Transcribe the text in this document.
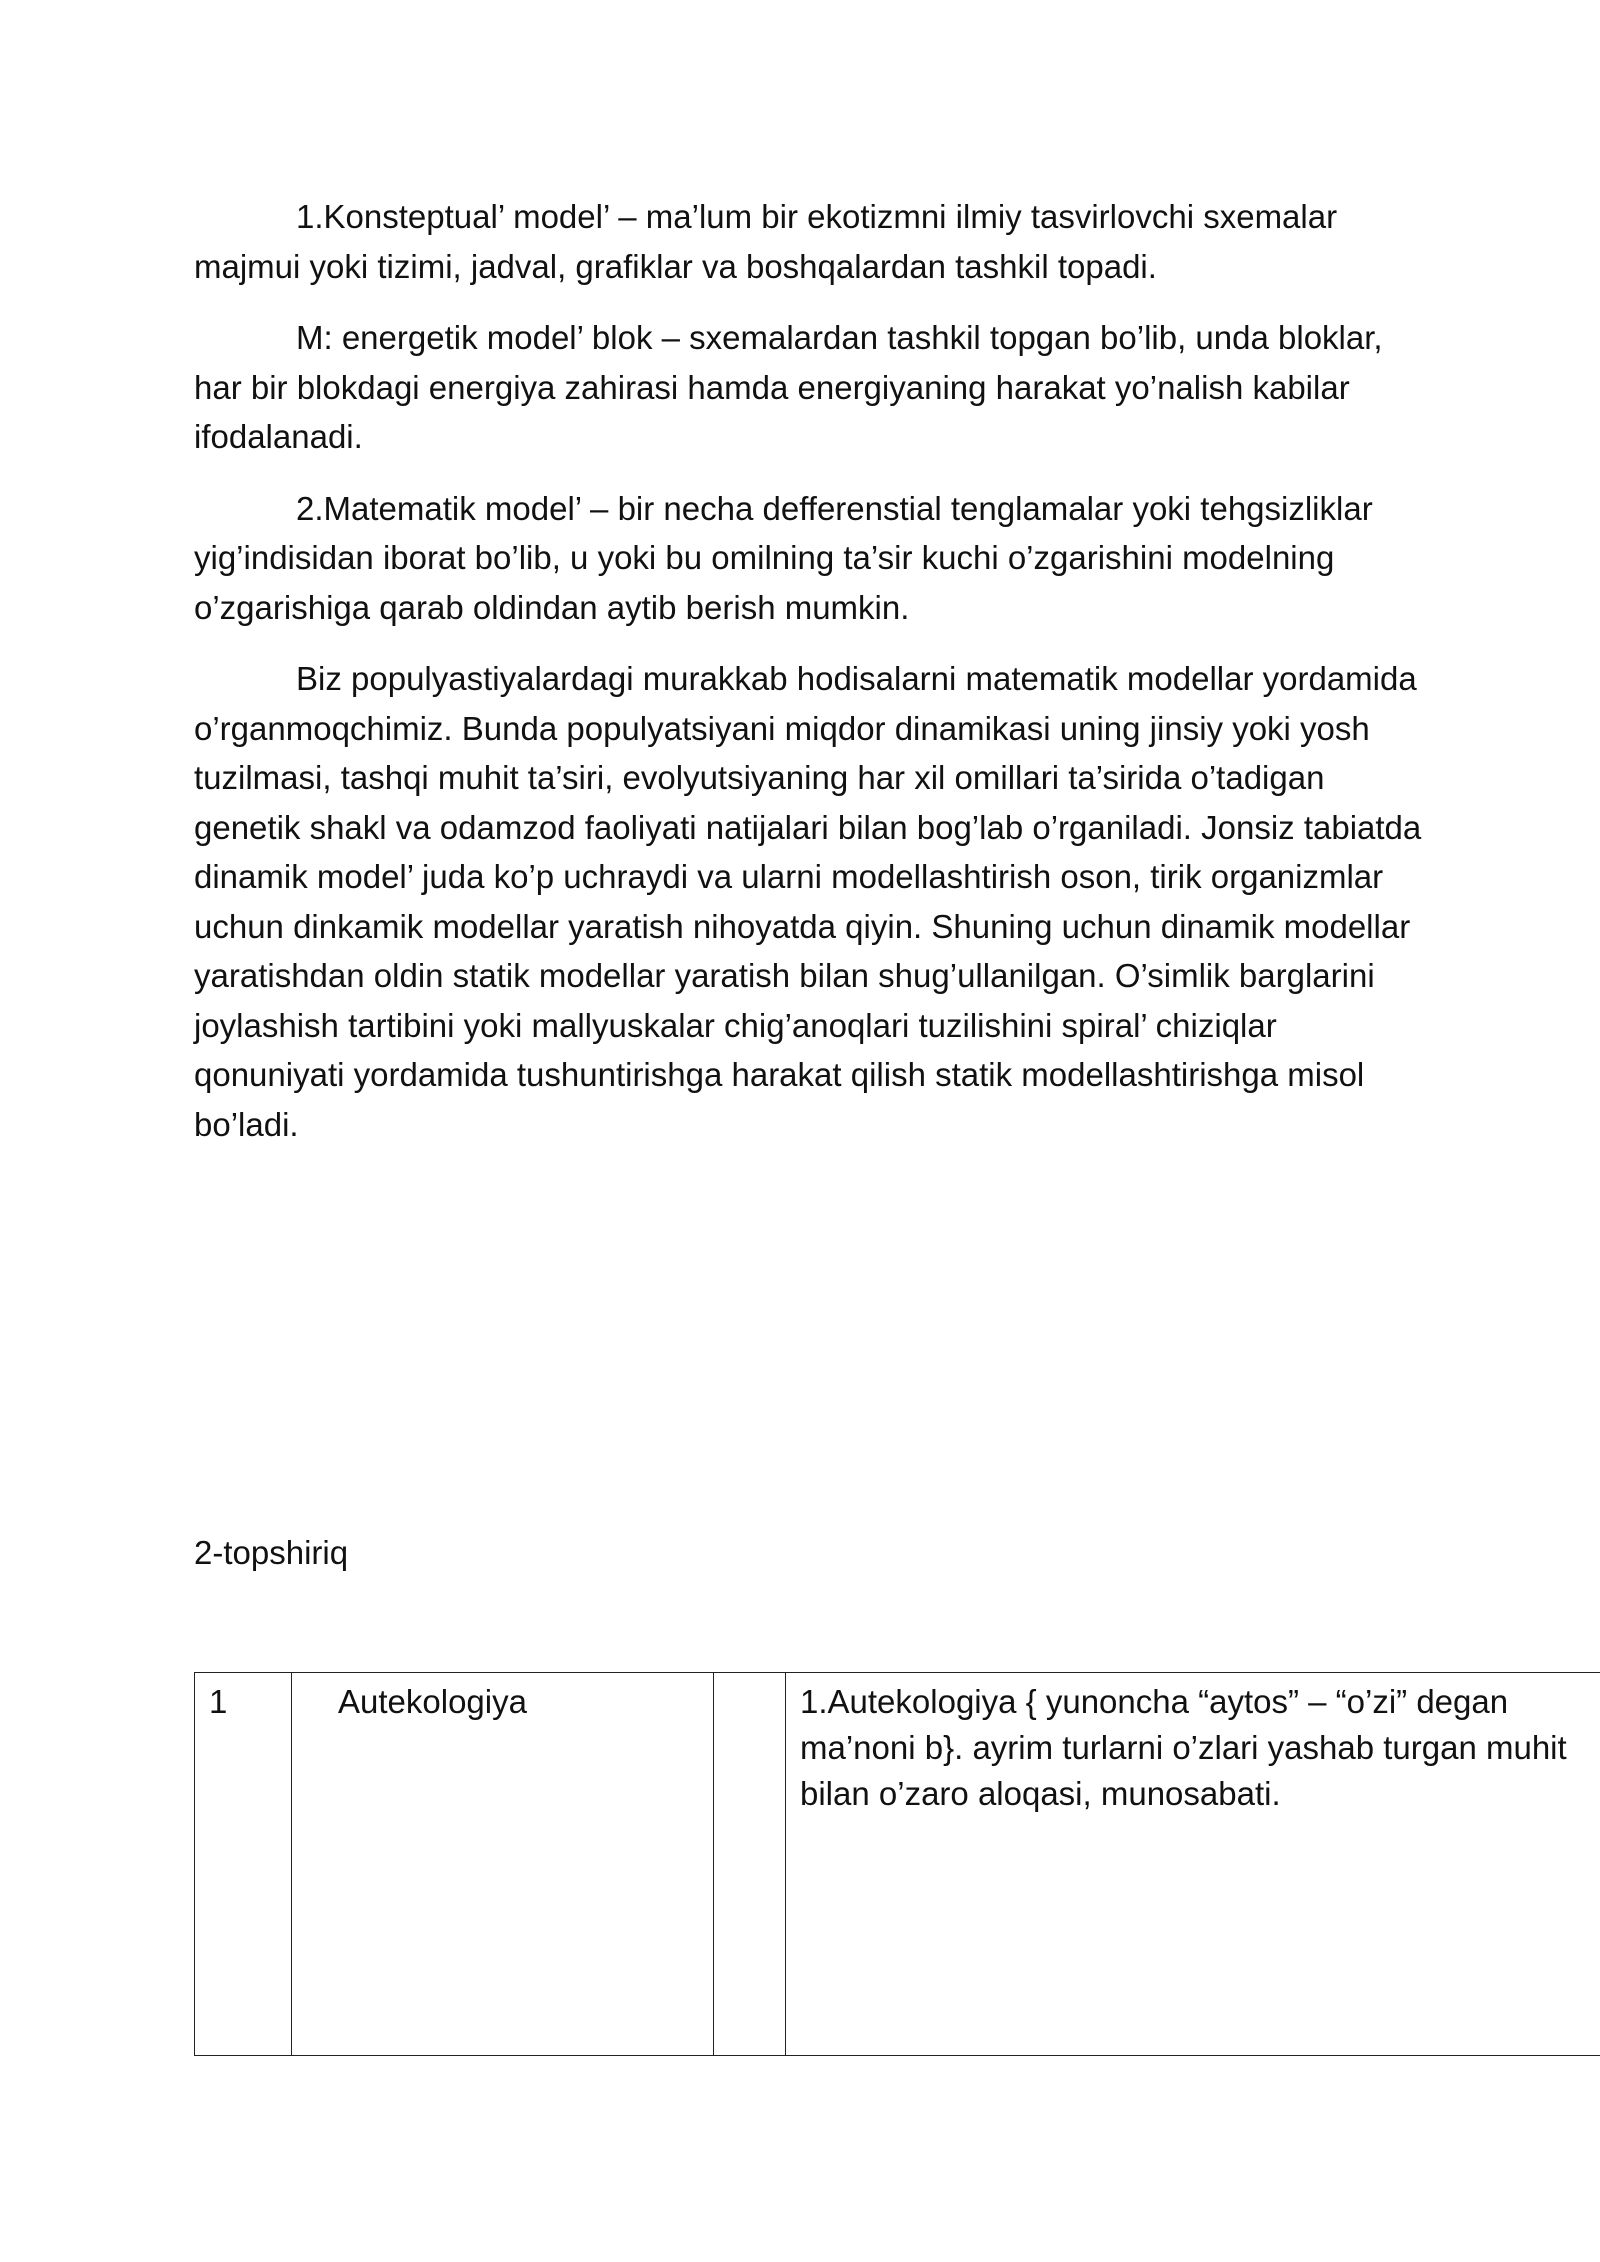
1.Konsteptual’ model’ – ma’lum bir ekotizmni ilmiy tasvirlovchi sxemalar majmui yoki tizimi, jadval, grafiklar va boshqalardan tashkil topadi.

M: energetik model’ blok – sxemalardan tashkil topgan bo’lib, unda bloklar, har bir blokdagi energiya zahirasi hamda energiyaning harakat yo’nalish kabilar ifodalanadi.

2.Matematik model’ – bir necha defferenstial tenglamalar yoki tehgsizliklar yig’indisidan iborat bo’lib, u yoki bu omilning ta’sir kuchi o’zgarishini modelning o’zgarishiga qarab oldindan aytib berish mumkin.

Biz populyastiyalardagi murakkab hodisalarni matematik modellar yordamida o’rganmoqchimiz. Bunda populyatsiyani miqdor dinamikasi uning jinsiy yoki yosh tuzilmasi, tashqi muhit ta’siri, evolyutsiyaning har xil omillari ta’sirida o’tadigan genetik shakl va odamzod faoliyati natijalari bilan bog’lab o’rganiladi. Jonsiz tabiatda dinamik model’ juda ko’p uchraydi va ularni modellashtirish oson, tirik organizmlar uchun dinkamik modellar yaratish nihoyatda qiyin. Shuning uchun dinamik modellar yaratishdan oldin statik modellar yaratish bilan shug’ullanilgan. O’simlik barglarini joylashish tartibini yoki mallyuskalar chig’anoqlari tuzilishini spiral’ chiziqlar qonuniyati yordamida tushuntirishga harakat qilish statik modellashtirishga misol bo’ladi.

2-topshiriq
1	Autekologiya		1.Autekologiya { yunoncha “aytos” – “o’zi” degan ma’noni b}. ayrim turlarni o’zlari yashab turgan muhit bilan o’zaro aloqasi, munosabati.
